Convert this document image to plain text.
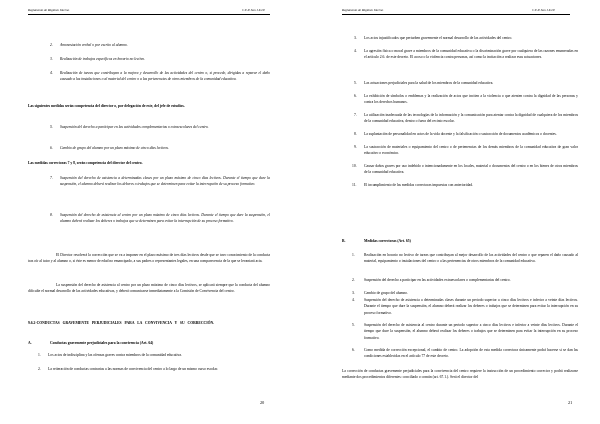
Reglamento de Régimen Interno	C.E.P. San J.X.I.E
2. Amonestación verbal o por escrito al alumno.
3. Realización de trabajos específicos en horario no lectivo.
4. Realización de tareas que contribuyan a la mejora y desarrollo de las actividades del centro o, si procede, dirigidas a reparar el daño causado a las instalaciones o al material del centro o a las pertenencias de otros miembros de la comunidad educativa.
Las siguientes medidas serán competencia del director o, por delegación de este, del jefe de estudios.
5. Suspensión del derecho a participar en las actividades complementarias o extraescolares del centro.
6. Cambio de grupo del alumno por un plazo máximo de cinco días lectivos.
Las medidas correctoras 7 y 8, serán competencia del director del centro.
7. Suspensión del derecho de asistencia a determinadas clases por un plazo máximo de cinco días lectivos. Durante el tiempo que dure la suspensión, el alumno deberá realizar los deberes o trabajos que se determinen para evitar la interrupción de su proceso formativo.
8. Suspensión del derecho de asistencia al centro por un plazo máximo de cinco días lectivos. Durante el tiempo que dure la suspensión, el alumno deberá realizar los deberes o trabajos que se determinen para evitar la interrupción de su proceso formativo.
El Director resolverá la corrección que se va a imponer en el plazo máximo de tres días lectivos desde que se tuvo conocimiento de la conducta tras oír al tutor y al alumno o, si éste es menor de edad no emancipado, a sus padres o representantes legales, en una comparecencia de la que se levantará acta.
La suspensión del derecho de asistencia al centro por un plazo máximo de cinco días lectivos, se aplicará siempre que la conducta del alumno dificulte el normal desarrollo de las actividades educativas, y deberá comunicarse inmediatamente a la Comisión de Convivencia del centro.
9.6.2-CONDUCTAS GRAVEMENTE PERJUDICIALES PARA LA CONVIVENCIA Y SU CORRECCIÓN.
A.	Conductas gravemente perjudiciales para la convivencia (Art. 64)
1. Los actos de indisciplina y las ofensas graves contra miembros de la comunidad educativa.
2. La reiteración de conductas contrarias a las normas de convivencia del centro a lo largo de un mismo curso escolar.
20
Reglamento de Régimen Interno	C.E.P. San J.X.I.E
3. Los actos injustificados que perturben gravemente el normal desarrollo de las actividades del centro.
4. La agresión física o moral grave a miembros de la comunidad educativa o la discriminación grave por cualquiera de las razones enumeradas en el artículo 2.6. de este decreto. El acoso o la violencia contra personas, así como la incitación a realizar esas actuaciones.
5. Las actuaciones perjudiciales para la salud de los miembros de la comunidad educativa.
6. La exhibición de símbolos o emblemas y la realización de actos que inciten a la violencia o que atenten contra la dignidad de las personas y contra los derechos humanos.
7. La utilización inadecuada de las tecnologías de la información y la comunicación para atentar contra la dignidad de cualquiera de los miembros de la comunidad educativa, dentro o fuera del recinto escolar.
8. La suplantación de personalidad en actos de la vida docente y la falsificación o sustracción de documentos académicos o docentes.
9. La sustracción de materiales o equipamiento del centro o de pertenencias de los demás miembros de la comunidad educativa de gran valor educativo o económico.
10. Causar daños graves por uso indebido o intencionadamente en los locales, material o documentos del centro o en los bienes de otros miembros de la comunidad educativa.
11. El incumplimiento de las medidas correctoras impuestas con anterioridad.
B.	Medidas correctoras (Art. 65)
1. Realización en horario no lectivo de tareas que contribuyan al mejor desarrollo de las actividades del centro o que reparen el daño causado al material, equipamiento o instalaciones del centro o a las pertenencias de otros miembros de la comunidad educativa.
2. Suspensión del derecho a participar en las actividades extraescolares o complementarias del centro.
3. Cambio de grupo del alumno.
4. Suspensión del derecho de asistencia a determinadas clases durante un periodo superior a cinco días lectivos e inferior a veinte días lectivos. Durante el tiempo que dure la suspensión, el alumno deberá realizar los deberes o trabajos que se determinen para evitar la interrupción en su proceso formativo.
5. Suspensión del derecho de asistencia al centro durante un periodo superior a cinco días lectivos e inferior a veinte días lectivos. Durante el tiempo que dure la suspensión, el alumno deberá realizar los deberes o trabajos que se determinen para evitar la interrupción en su proceso formativo.
6. Como medida de corrección excepcional, el cambio de centro. La adopción de esta medida correctora únicamente podrá hacerse si se dan las condiciones establecidas en el artículo 77 de este decreto.
La corrección de conductas gravemente perjudiciales para la convivencia del centro requiere la instrucción de un procedimiento corrector y podrá realizarse mediante dos procedimientos diferentes: conciliado o común (art. 67.1.). Será el director del
21
